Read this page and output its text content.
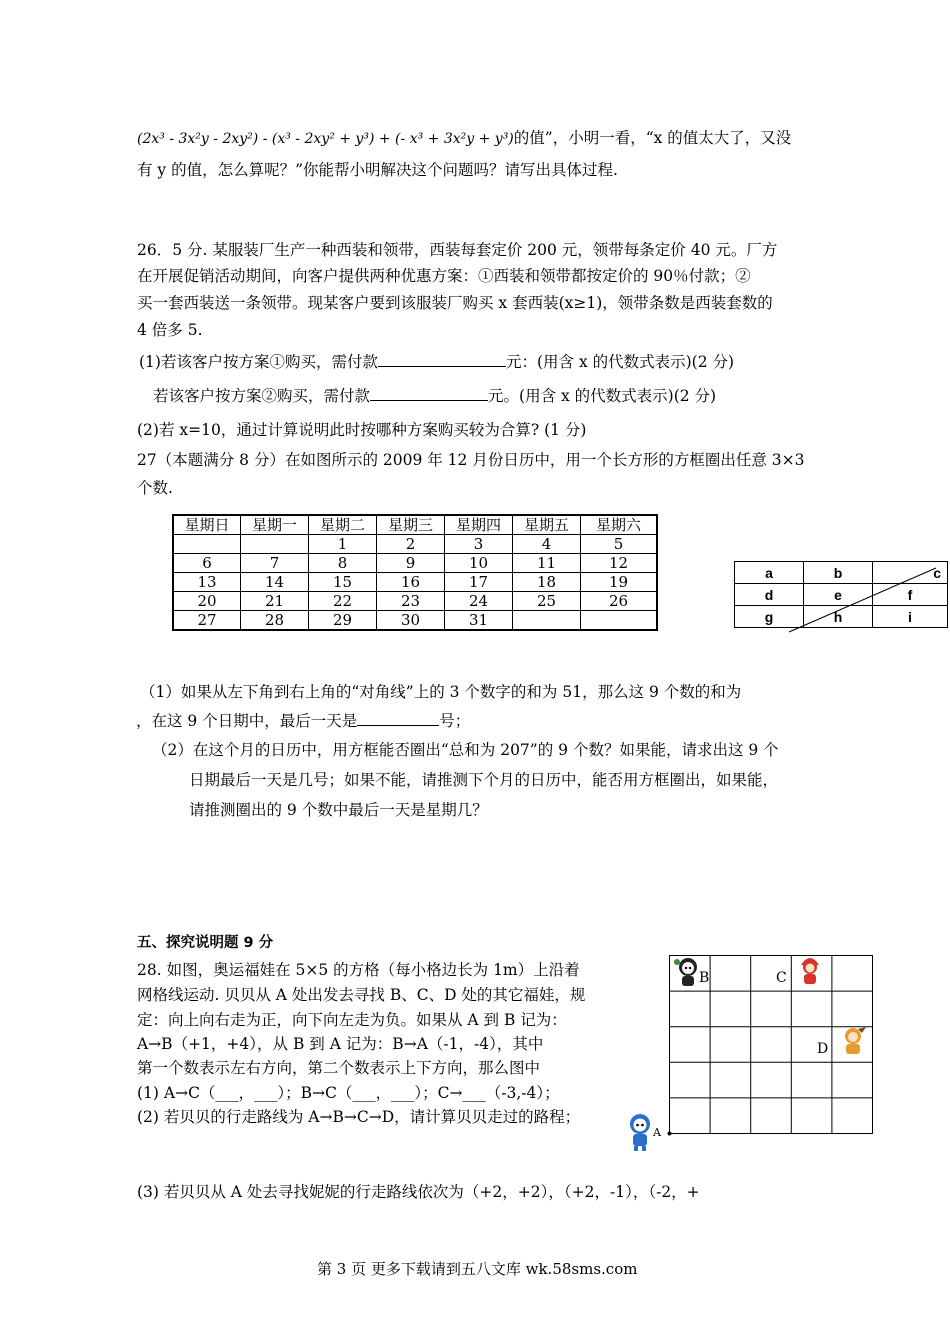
(2x³ - 3x²y - 2xy²) - (x³ - 2xy² + y³) + (- x³ + 3x²y + y³)的值”，小明一看，“x 的值太大了，又没
有 y 的值，怎么算呢？”你能帮小明解决这个问题吗？请写出具体过程.
26．5 分. 某服装厂生产一种西装和领带，西装每套定价 200 元，领带每条定价 40 元。厂方
在开展促销活动期间，向客户提供两种优惠方案：①西装和领带都按定价的 90％付款；②
买一套西装送一条领带。现某客户要到该服装厂购买 x 套西装(x≥1)，领带条数是西装套数的
4 倍多 5.
(1)若该客户按方案①购买，需付款	元：(用含 x 的代数式表示)(2 分)
若该客户按方案②购买，需付款	元。(用含 x 的代数式表示)(2 分)
(2)若 x=10，通过计算说明此时按哪种方案购买较为合算? (1 分)
27（本题满分 8 分）在如图所示的 2009 年 12 月份日历中，用一个长方形的方框圈出任意 3×3
个数.
星期日	星期一	星期二	星期三	星期四	星期五	星期六
		1	2	3	4	5
6	7	8	9	10	11	12
13	14	15	16	17	18	19
20	21	22	23	24	25	26
27	28	29	30	31		
a	b	c
d	e	f
g	h	i
（1）如果从左下角到右上角的“对角线”上的 3 个数字的和为 51，那么这 9 个数的和为
，在这 9 个日期中，最后一天是	号；
（2）在这个月的日历中，用方框能否圈出“总和为 207”的 9 个数？如果能，请求出这 9 个
日期最后一天是几号；如果不能，请推测下个月的日历中，能否用方框圈出，如果能，
请推测圈出的 9 个数中最后一天是星期几？
五、探究说明题 9 分
28. 如图，奥运福娃在 5×5 的方格（每小格边长为 1m）上沿着
网格线运动. 贝贝从 A 处出发去寻找 B、C、D 处的其它福娃，规
定：向上向右走为正，向下向左走为负。如果从 A 到 B 记为：
A→B（+1，+4），从 B 到 A 记为：B→A（-1，-4），其中
第一个数表示左右方向，第二个数表示上下方向，那么图中
(1) A→C（___，___）；B→C（___，___）；C→___（-3,-4）；
(2) 若贝贝的行走路线为 A→B→C→D，请计算贝贝走过的路程；
(3) 若贝贝从 A 处去寻找妮妮的行走路线依次为（+2，+2），（+2，-1），（-2，+
B	C
D
A
第 3 页 更多下载请到五八文库 wk.58sms.com
